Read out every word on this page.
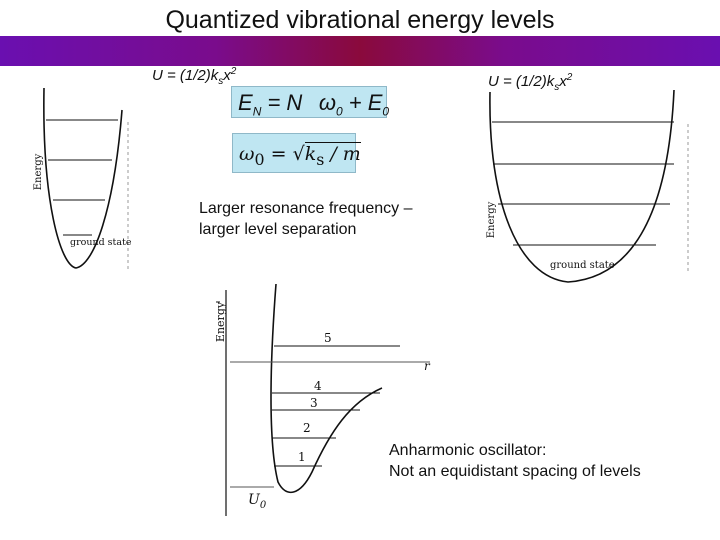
Quantized vibrational energy levels
$U = (1/2)k_sx^2$
$U = (1/2)k_sx^2$
$E_N$ = $N \omega_0 + E_0$
$\omega_0 = √k_s / m$
Larger resonance frequency –
larger level separation
Anharmonic oscillator:
Not an equidistant spacing of levels
Energy
ground state
Energy
ground state
Energy
r
5
4
3
2
1
$U_0$
